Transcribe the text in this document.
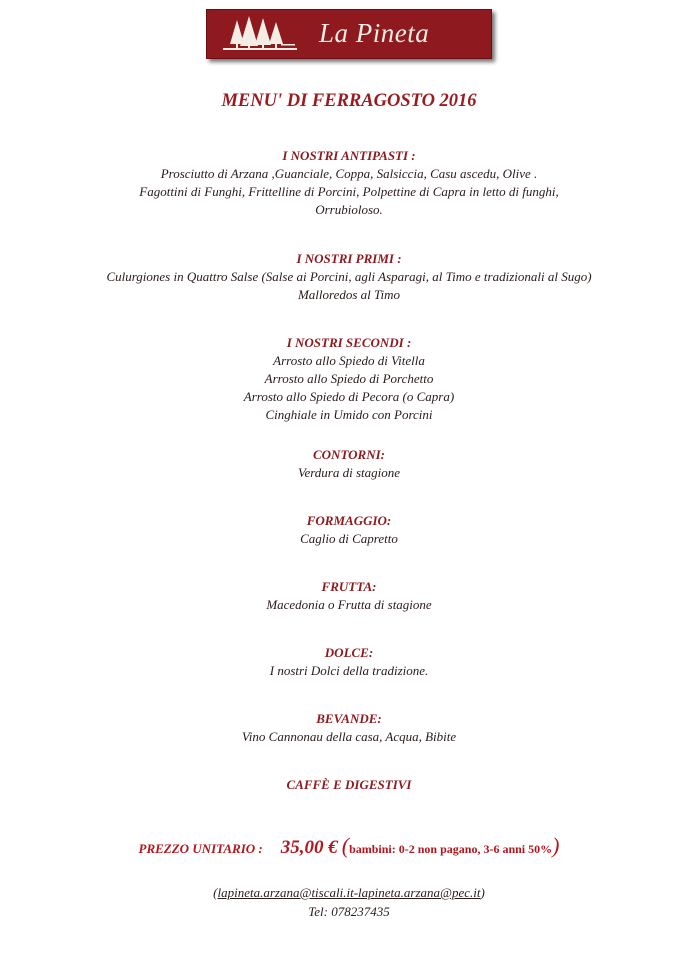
La Pineta
MENU' DI FERRAGOSTO 2016
I NOSTRI ANTIPASTI :
Prosciutto di Arzana ,Guanciale, Coppa, Salsiccia, Casu ascedu, Olive .
Fagottini di Funghi, Frittelline di Porcini, Polpettine di Capra in letto di funghi,
Orrubioloso.
I NOSTRI PRIMI :
Culurgiones in Quattro Salse (Salse ai Porcini, agli Asparagi, al Timo e tradizionali al Sugo)
Malloredos al Timo
I NOSTRI SECONDI :
Arrosto allo Spiedo di Vitella
Arrosto allo Spiedo di Porchetto
Arrosto allo Spiedo di Pecora (o Capra)
Cinghiale in Umido con Porcini
CONTORNI:
Verdura di stagione
FORMAGGIO:
Caglio di Capretto
FRUTTA:
Macedonia o Frutta di stagione
DOLCE:
I nostri Dolci della tradizione.
BEVANDE:
Vino Cannonau della casa, Acqua, Bibite
CAFFÈ E DIGESTIVI
PREZZO UNITARIO : 35,00 € (bambini: 0-2 non pagano, 3-6 anni 50%)
(lapineta.arzana@tiscali.it-lapineta.arzana@pec.it)
Tel: 078237435
